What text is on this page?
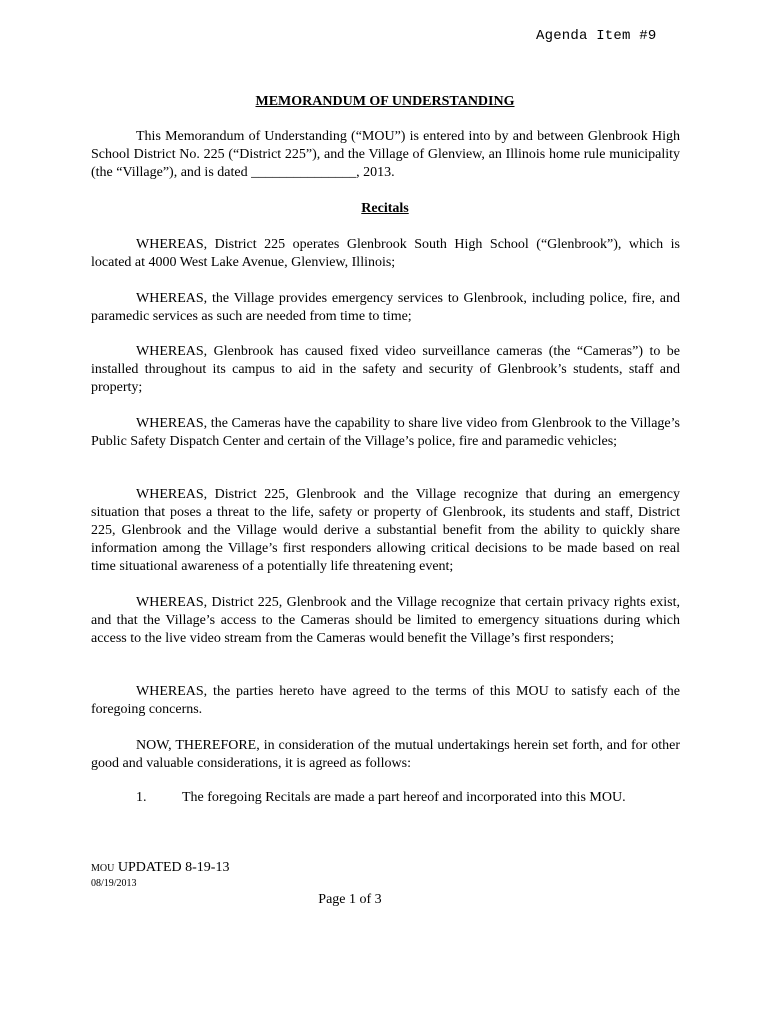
Agenda Item #9
MEMORANDUM OF UNDERSTANDING
This Memorandum of Understanding (“MOU”) is entered into by and between Glenbrook High School District No. 225 (“District 225”), and the Village of Glenview, an Illinois home rule municipality (the “Village”), and is dated _______________, 2013.
Recitals
WHEREAS, District 225 operates Glenbrook South High School (“Glenbrook”), which is located at 4000 West Lake Avenue, Glenview, Illinois;
WHEREAS, the Village provides emergency services to Glenbrook, including police, fire, and paramedic services as such are needed from time to time;
WHEREAS, Glenbrook has caused fixed video surveillance cameras (the “Cameras”) to be installed throughout its campus to aid in the safety and security of Glenbrook’s students, staff and property;
WHEREAS, the Cameras have the capability to share live video from Glenbrook to the Village’s Public Safety Dispatch Center and certain of the Village’s police, fire and paramedic vehicles;
WHEREAS, District 225, Glenbrook and the Village recognize that during an emergency situation that poses a threat to the life, safety or property of Glenbrook, its students and staff, District 225, Glenbrook and the Village would derive a substantial benefit from the ability to quickly share information among the Village’s first responders allowing critical decisions to be made based on real time situational awareness of a potentially life threatening event;
WHEREAS, District 225, Glenbrook and the Village recognize that certain privacy rights exist, and that the Village’s access to the Cameras should be limited to emergency situations during which access to the live video stream from the Cameras would benefit the Village’s first responders;
WHEREAS, the parties hereto have agreed to the terms of this MOU to satisfy each of the foregoing concerns.
NOW, THEREFORE, in consideration of the mutual undertakings herein set forth, and for other good and valuable considerations, it is agreed as follows:
1.	The foregoing Recitals are made a part hereof and incorporated into this MOU.
MOU UPDATED 8-19-13
08/19/2013
Page 1 of 3
